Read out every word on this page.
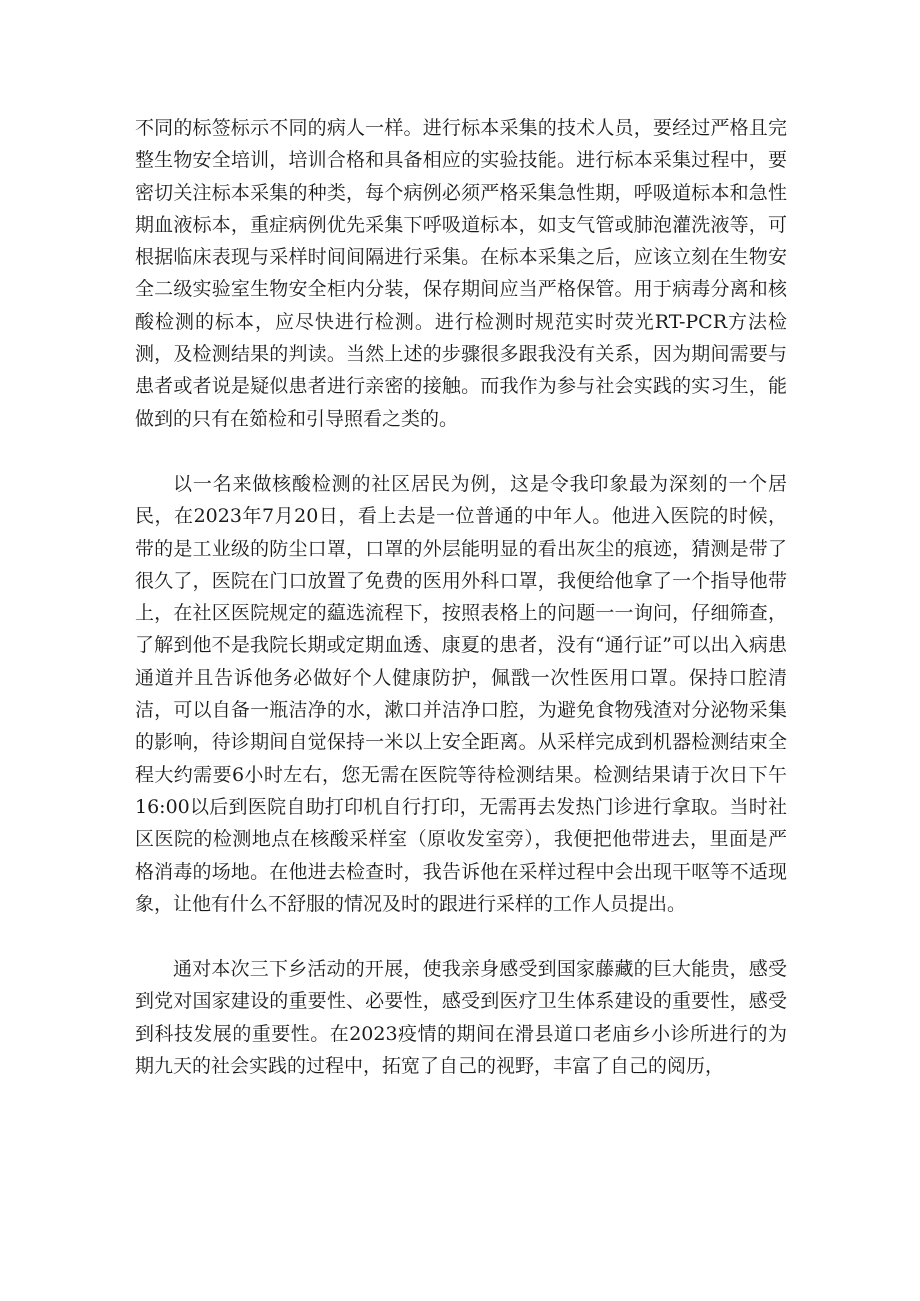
不同的标签标示不同的病人一样。进行标本采集的技术人员，要经过严格且完整生物安全培训，培训合格和具备相应的实验技能。进行标本采集过程中，要密切关注标本采集的种类，每个病例必须严格采集急性期，呼吸道标本和急性期血液标本，重症病例优先采集下呼吸道标本，如支气管或肺泡灌洗液等，可根据临床表现与采样时间间隔进行采集。在标本采集之后，应该立刻在生物安全二级实验室生物安全柜内分装，保存期间应当严格保管。用于病毒分离和核酸检测的标本，应尽快进行检测。进行检测时规范实时荧光RT-PCR方法检测，及检测结果的判读。当然上述的步骤很多跟我没有关系，因为期间需要与患者或者说是疑似患者进行亲密的接触。而我作为参与社会实践的实习生，能做到的只有在筎检和引导照看之类的。

以一名来做核酸检测的社区居民为例，这是令我印象最为深刻的一个居民，在2023年7月20日，看上去是一位普通的中年人。他进入医院的时候，带的是工业级的防尘口罩，口罩的外层能明显的看出灰尘的痕迹，猜测是带了很久了，医院在门口放置了免费的医用外科口罩，我便给他拿了一个指导他带上，在社区医院规定的藴选流程下，按照表格上的问题一一询问，仔细筛查，了解到他不是我院长期或定期血透、康夏的患者，没有“通行证”可以出入病患通道并且告诉他务必做好个人健康防护，佩戬一次性医用口罩。保持口腔清洁，可以自备一瓶洁净的水，漱口并洁净口腔，为避免食物残渣对分泌物采集的影响，待诊期间自觉保持一米以上安全距离。从采样完成到机器检测结束全程大约需要6小时左右，您无需在医院等待检测结果。检测结果请于次日下午16:00以后到医院自助打印机自行打印，无需再去发热门诊进行拿取。当时社区医院的检测地点在核酸采样室（原收发室旁），我便把他带进去，里面是严格消毒的场地。在他进去检查时，我告诉他在采样过程中会出现干呕等不适现象，让他有什么不舒服的情况及时的跟进行采样的工作人员提出。

通对本次三下乡活动的开展，使我亲身感受到国家藤藏的巨大能贵，感受到党对国家建设的重要性、必要性，感受到医疗卫生体系建设的重要性，感受到科技发展的重要性。在2023疫情的期间在滑县道口老庙乡小诊所进行的为期九天的社会实践的过程中，拓宽了自己的视野，丰富了自己的阅历，
